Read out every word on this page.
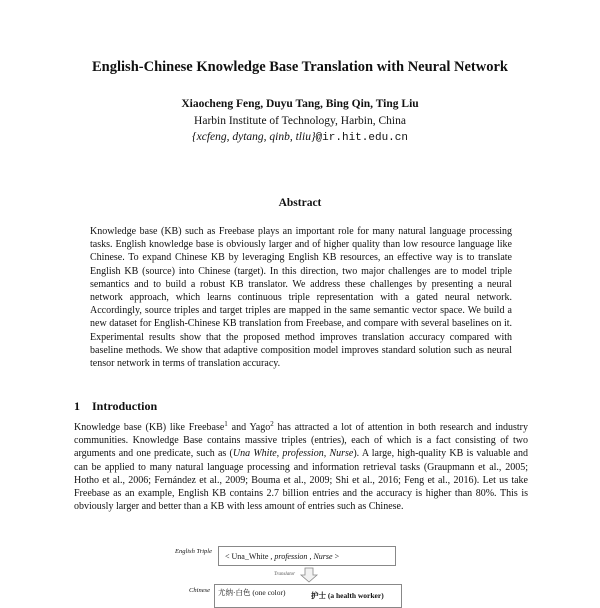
English-Chinese Knowledge Base Translation with Neural Network
Xiaocheng Feng, Duyu Tang, Bing Qin, Ting Liu
Harbin Institute of Technology, Harbin, China
{xcfeng, dytang, qinb, tliu}@ir.hit.edu.cn
Abstract

Knowledge base (KB) such as Freebase plays an important role for many natural language processing tasks. English knowledge base is obviously larger and of higher quality than low resource language like Chinese. To expand Chinese KB by leveraging English KB resources, an effective way is to translate English KB (source) into Chinese (target). In this direction, two major challenges are to model triple semantics and to build a robust KB translator. We address these challenges by presenting a neural network approach, which learns continuous triple representation with a gated neural network. Accordingly, source triples and target triples are mapped in the same semantic vector space. We build a new dataset for English-Chinese KB translation from Freebase, and compare with several baselines on it. Experimental results show that the proposed method improves translation accuracy compared with baseline methods. We show that adaptive composition model improves standard solution such as neural tensor network in terms of translation accuracy.

1 Introduction

Knowledge base (KB) like Freebase$^1$ and Yago$^2$ has attracted a lot of attention in both research and industry communities. Knowledge Base contains massive triples (entries), each of which is a fact consisting of two arguments and one predicate, such as (Una White, profession, Nurse). A large, high-quality KB is valuable and can be applied to many natural language processing and information retrieval tasks (Graupmann et al., 2005; Hotho et al., 2006; Fernández et al., 2009; Bouma et al., 2009; Shi et al., 2016; Feng et al., 2016). Let us take Freebase as an example, English KB contains 2.7 billion entries and the accuracy is higher than 80%. This is obviously larger and better than a KB with less amount of entries such as Chinese.

English Triple
< Una_White , profession , Nurse >
Translator
Chinese 尤纳·白色 (one color)	护士 (a health worker)
